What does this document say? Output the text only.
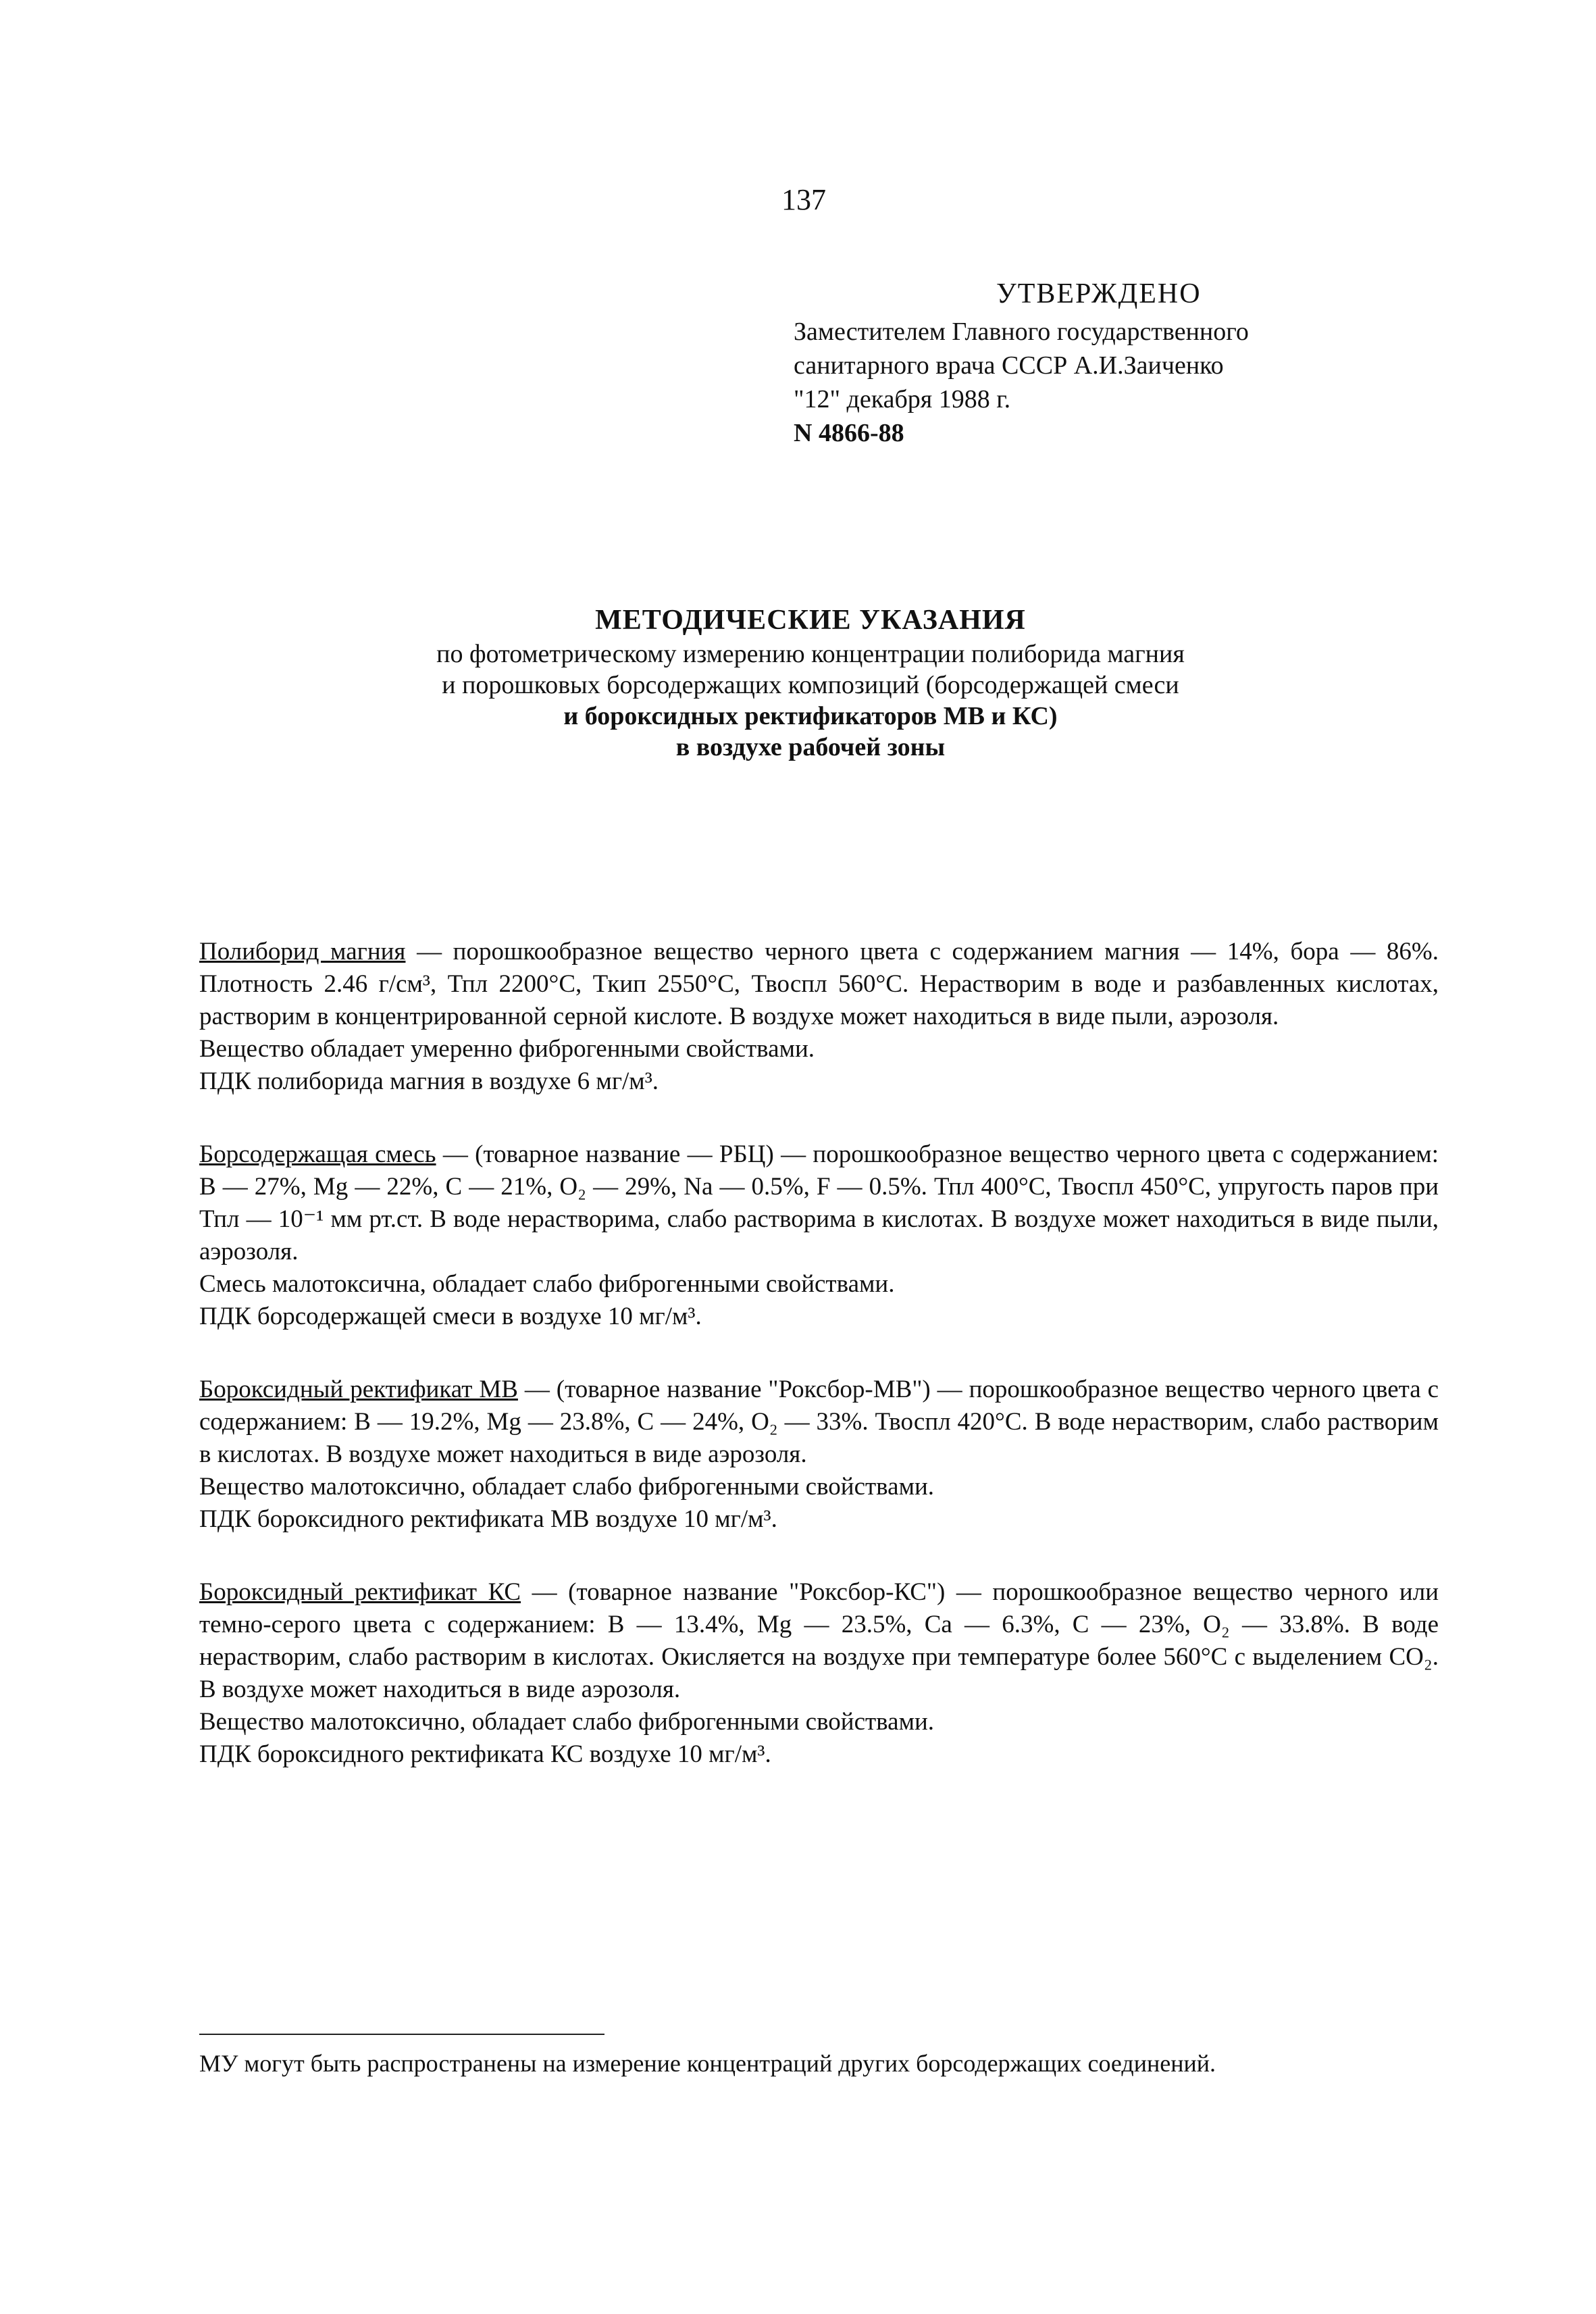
137
УТВЕРЖДЕНО
Заместителем Главного государственного
санитарного врача СССР А.И.Заиченко
"12" декабря 1988 г.
N 4866-88
МЕТОДИЧЕСКИЕ УКАЗАНИЯ
по фотометрическому измерению концентрации полиборида магния
и порошковых борсодержащих композиций (борсодержащей смеси
и бороксидных ректификаторов МВ и КС)
в воздухе рабочей зоны

Полиборид магния — порошкообразное вещество черного цвета с содержанием магния — 14%, бора — 86%. Плотность 2.46 г/см³, Тпл 2200°С, Ткип 2550°С, Твоспл 560°С. Нерастворим в воде и разбавленных кислотах, растворим в концентрированной серной кислоте. В воздухе может находиться в виде пыли, аэрозоля.

Вещество обладает умеренно фиброгенными свойствами.

ПДК полиборида магния в воздухе 6 мг/м³.

Борсодержащая смесь — (товарное название — РБЦ) — порошкообразное вещество черного цвета с содержанием: В — 27%, Mg — 22%, С — 21%, O₂ — 29%, Na — 0.5%, F — 0.5%. Тпл 400°С, Твоспл 450°С, упругость паров при Тпл — 10⁻¹ мм рт.ст. В воде нерастворима, слабо растворима в кислотах. В воздухе может находиться в виде пыли, аэрозоля.

Смесь малотоксична, обладает слабо фиброгенными свойствами.

ПДК борсодержащей смеси в воздухе 10 мг/м³.

Бороксидный ректификат МВ — (товарное название "Роксбор-МВ") — порошкообразное вещество черного цвета с содержанием: В — 19.2%, Mg — 23.8%, С — 24%, O₂ — 33%. Твоспл 420°С. В воде нерастворим, слабо растворим в кислотах. В воздухе может находиться в виде аэрозоля.

Вещество малотоксично, обладает слабо фиброгенными свойствами.

ПДК бороксидного ректификата МВ воздухе 10 мг/м³.

Бороксидный ректификат КС — (товарное название "Роксбор-КС") — порошкообразное вещество черного или темно-серого цвета с содержанием: В — 13.4%, Mg — 23.5%, Са — 6.3%, С — 23%, O₂ — 33.8%. В воде нерастворим, слабо растворим в кислотах. Окисляется на воздухе при температуре более 560°С с выделением CO₂. В воздухе может находиться в виде аэрозоля.

Вещество малотоксично, обладает слабо фиброгенными свойствами.

ПДК бороксидного ректификата КС воздухе 10 мг/м³.

МУ могут быть распространены на измерение концентраций других борсодержащих соединений.
